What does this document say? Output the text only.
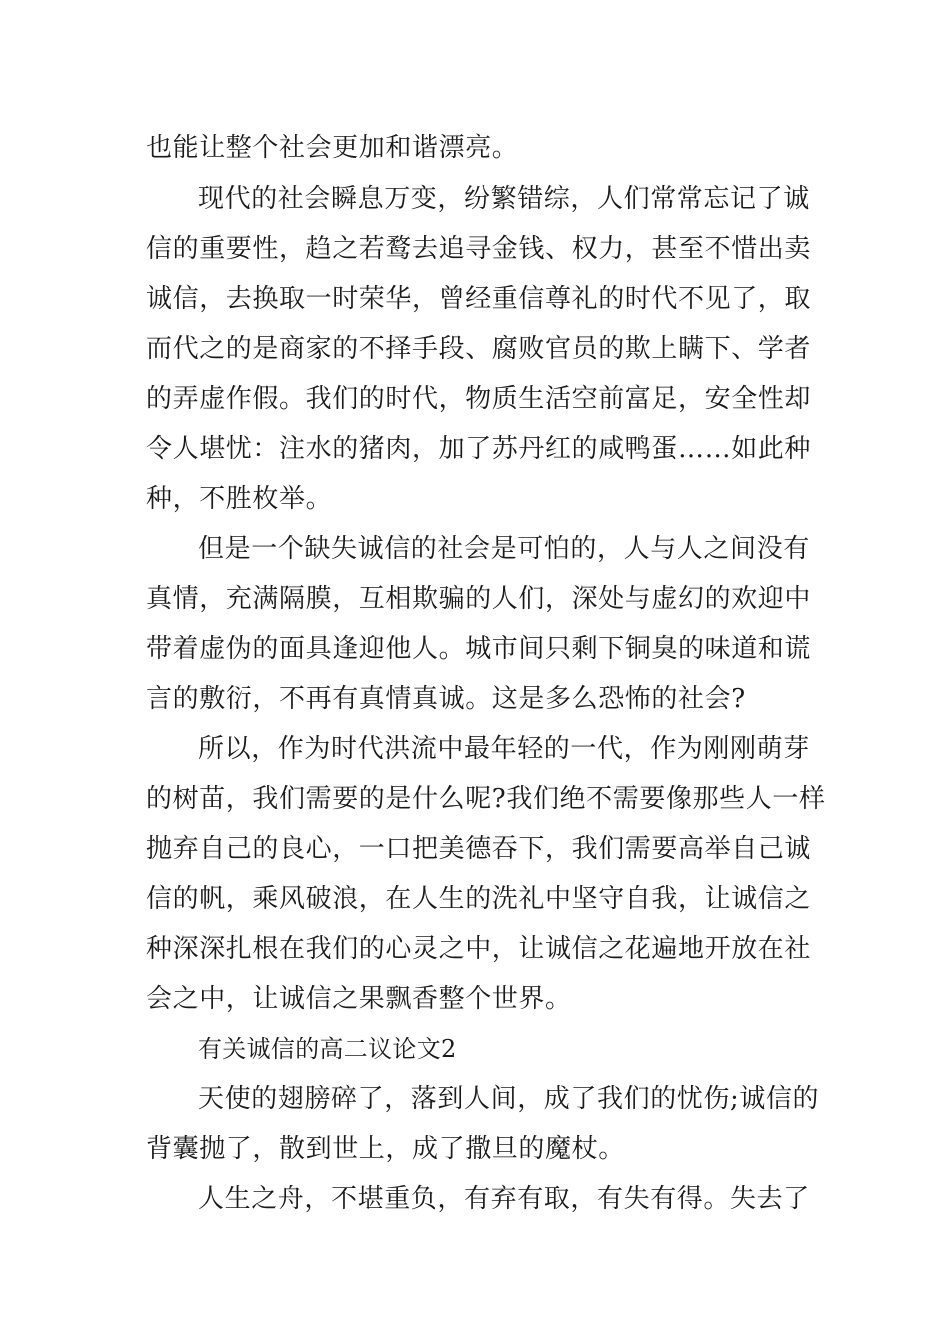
也能让整个社会更加和谐漂亮。
现代的社会瞬息万变，纷繁错综，人们常常忘记了诚
信的重要性，趋之若鹜去追寻金钱、权力，甚至不惜出卖
诚信，去换取一时荣华，曾经重信尊礼的时代不见了，取
而代之的是商家的不择手段、腐败官员的欺上瞒下、学者
的弄虚作假。我们的时代，物质生活空前富足，安全性却
令人堪忧：注水的猪肉，加了苏丹红的咸鸭蛋……如此种
种，不胜枚举。
但是一个缺失诚信的社会是可怕的，人与人之间没有
真情，充满隔膜，互相欺骗的人们，深处与虚幻的欢迎中
带着虚伪的面具逢迎他人。城市间只剩下铜臭的味道和谎
言的敷衍，不再有真情真诚。这是多么恐怖的社会?
所以，作为时代洪流中最年轻的一代，作为刚刚萌芽
的树苗，我们需要的是什么呢?我们绝不需要像那些人一样
抛弃自己的良心，一口把美德吞下，我们需要高举自己诚
信的帆，乘风破浪，在人生的洗礼中坚守自我，让诚信之
种深深扎根在我们的心灵之中，让诚信之花遍地开放在社
会之中，让诚信之果飘香整个世界。
有关诚信的高二议论文2
天使的翅膀碎了，落到人间，成了我们的忧伤;诚信的
背囊抛了，散到世上，成了撒旦的魔杖。
人生之舟，不堪重负，有弃有取，有失有得。失去了
